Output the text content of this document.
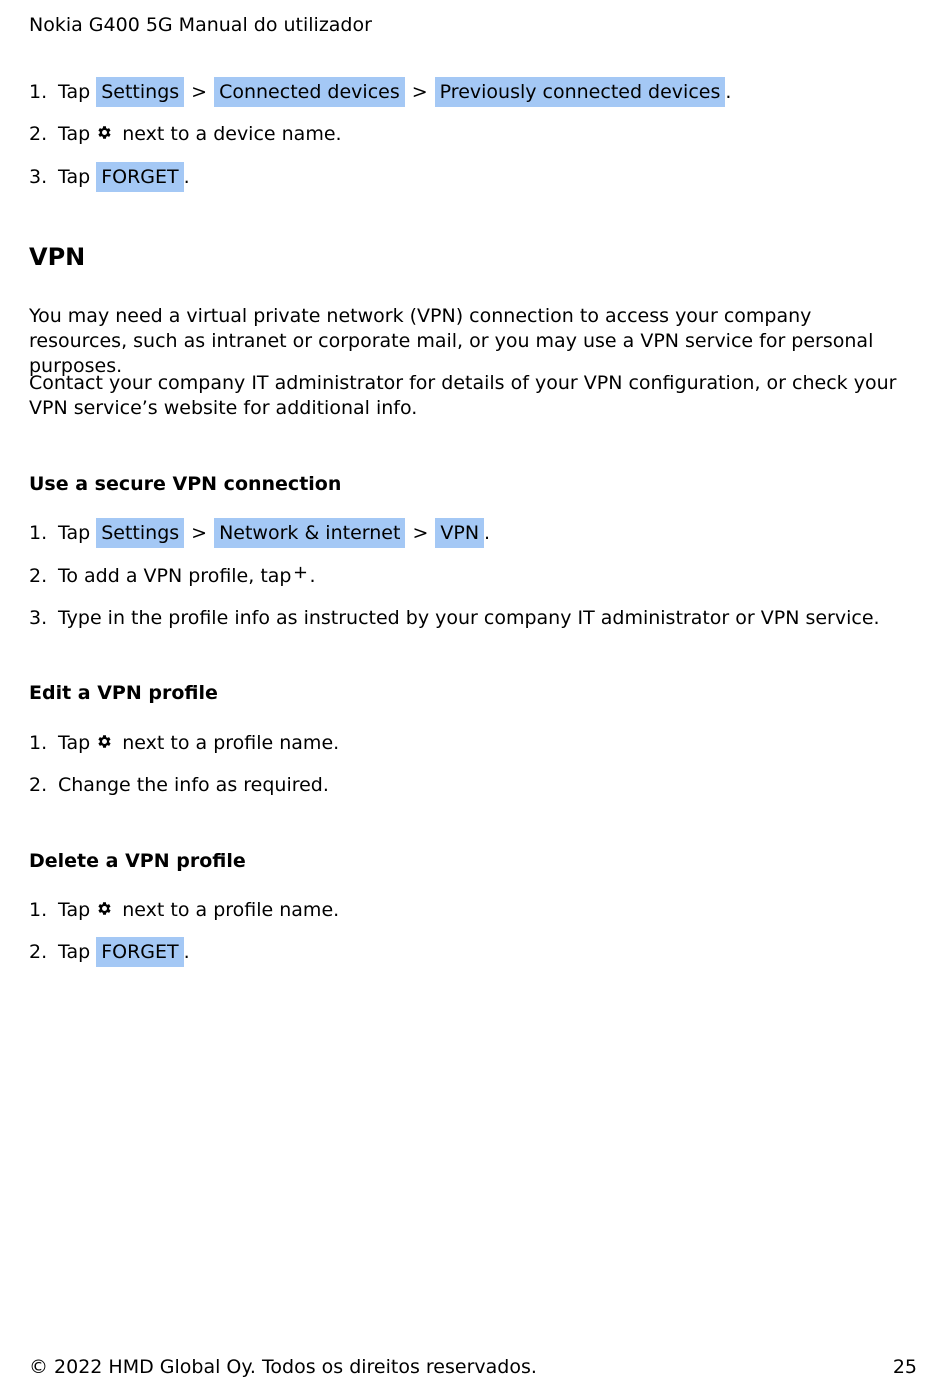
Nokia G400 5G Manual do utilizador
1. Tap Settings > Connected devices > Previously connected devices .
2. Tap next to a device name.
3. Tap FORGET .
VPN
You may need a virtual private network (VPN) connection to access your company resources, such as intranet or corporate mail, or you may use a VPN service for personal purposes.
Contact your company IT administrator for details of your VPN configuration, or check your VPN service’s website for additional info.
Use a secure VPN connection
1. Tap Settings > Network & internet > VPN .
2. To add a VPN profile, tap .
3. Type in the profile info as instructed by your company IT administrator or VPN service.
Edit a VPN profile
1. Tap next to a profile name.
2. Change the info as required.
Delete a VPN profile
1. Tap next to a profile name.
2. Tap FORGET .
© 2022 HMD Global Oy. Todos os direitos reservados.	25
